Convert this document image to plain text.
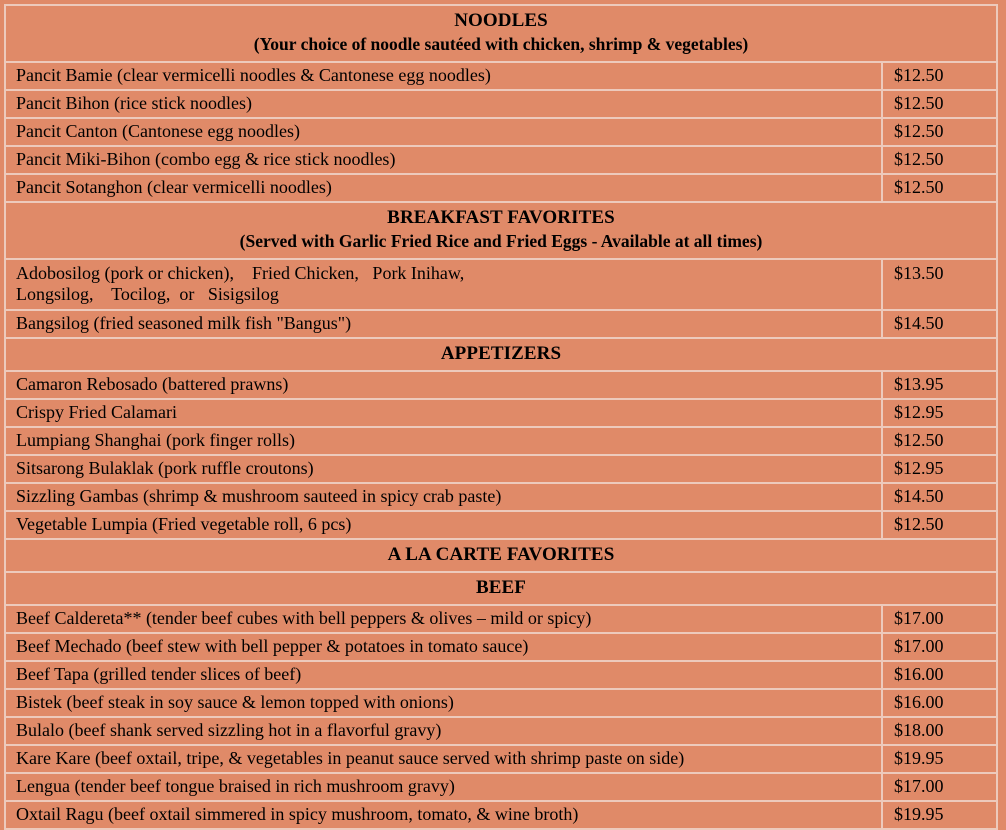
NOODLES
(Your choice of noodle sautéed with chicken, shrimp & vegetables)	

Pancit Bamie (clear vermicelli noodles & Cantonese egg noodles)	$12.50
Pancit Bihon (rice stick noodles)	$12.50
Pancit Canton (Cantonese egg noodles)	$12.50
Pancit Miki-Bihon (combo egg & rice stick noodles)	$12.50
Pancit Sotanghon (clear vermicelli noodles)	$12.50

BREAKFAST FAVORITES
(Served with Garlic Fried Rice and Fried Eggs - Available at all times)	

Adobosilog (pork or chicken),    Fried Chicken,   Pork Inihaw,
Longsilog,    Tocilog,  or   Sisigsilog	$13.50
Bangsilog (fried seasoned milk fish "Bangus")	$14.50

APPETIZERS	

Camaron Rebosado (battered prawns)	$13.95
Crispy Fried Calamari	$12.95
Lumpiang Shanghai (pork finger rolls)	$12.50
Sitsarong Bulaklak (pork ruffle croutons)	$12.95
Sizzling Gambas (shrimp & mushroom sauteed in spicy crab paste)	$14.50
Vegetable Lumpia (Fried vegetable roll, 6 pcs)	$12.50

A LA CARTE FAVORITES	

BEEF	

Beef Caldereta** (tender beef cubes with bell peppers & olives – mild or spicy)	$17.00
Beef Mechado (beef stew with bell pepper & potatoes in tomato sauce)	$17.00
Beef Tapa (grilled tender slices of beef)	$16.00
Bistek (beef steak in soy sauce & lemon topped with onions)	$16.00
Bulalo (beef shank served sizzling hot in a flavorful gravy)	$18.00
Kare Kare (beef oxtail, tripe, & vegetables in peanut sauce served with shrimp paste on side)	$19.95
Lengua (tender beef tongue braised in rich mushroom gravy)	$17.00
Oxtail Ragu (beef oxtail simmered in spicy mushroom, tomato, & wine broth)	$19.95
